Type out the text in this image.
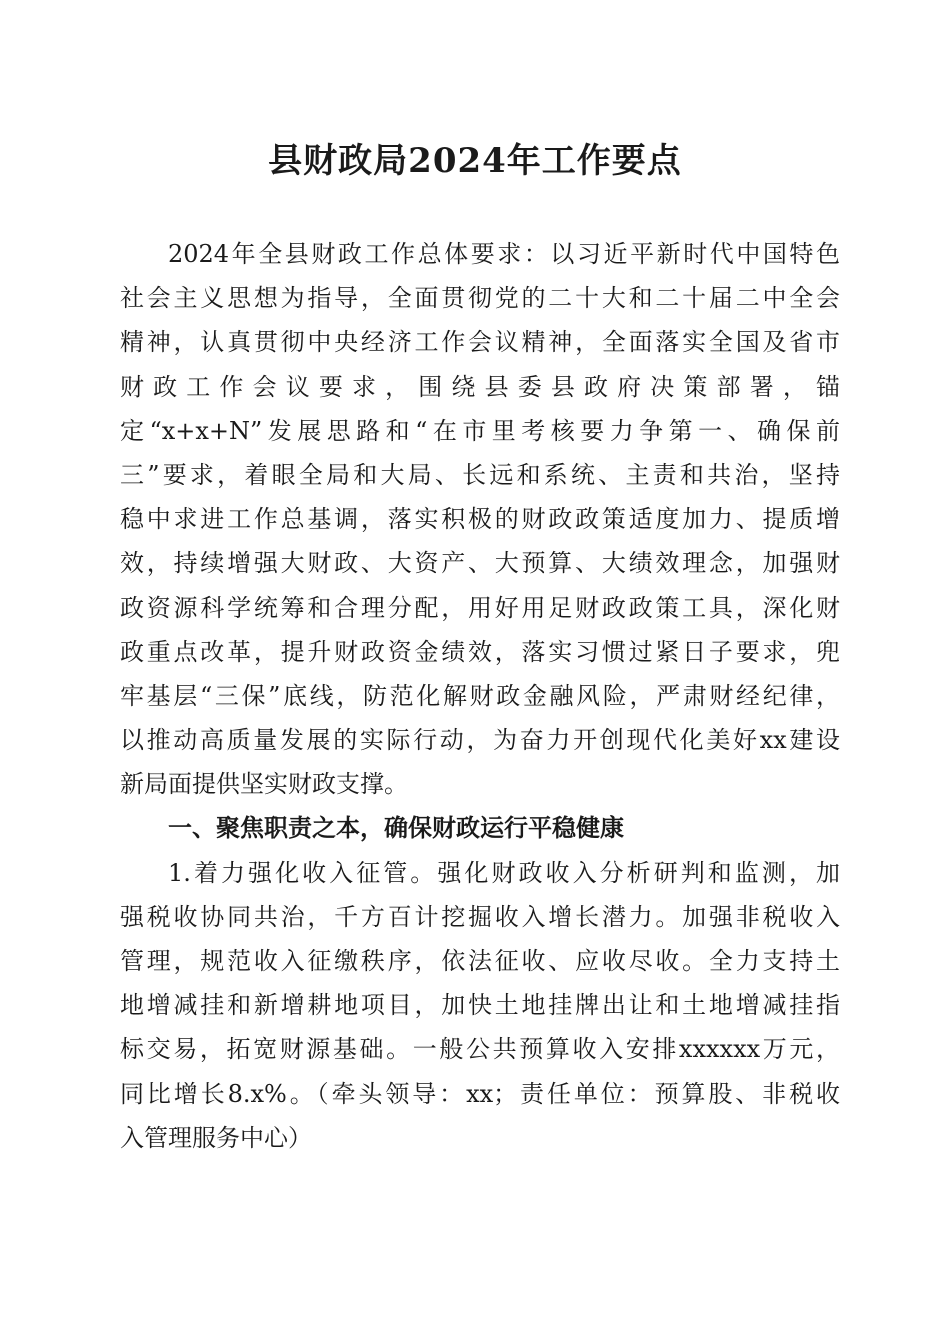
县财政局2024年工作要点
2024年全县财政工作总体要求：以习近平新时代中国特色
社会主义思想为指导，全面贯彻党的二十大和二十届二中全会
精神，认真贯彻中央经济工作会议精神，全面落实全国及省市
财政工作会议要求，围绕县委县政府决策部署，锚
定“x+x+N”发展思路和“在市里考核要力争第一、确保前
三”要求，着眼全局和大局、长远和系统、主责和共治，坚持
稳中求进工作总基调，落实积极的财政政策适度加力、提质增
效，持续增强大财政、大资产、大预算、大绩效理念，加强财
政资源科学统筹和合理分配，用好用足财政政策工具，深化财
政重点改革，提升财政资金绩效，落实习惯过紧日子要求，兜
牢基层“三保”底线，防范化解财政金融风险，严肃财经纪律，
以推动高质量发展的实际行动，为奋力开创现代化美好xx建设
新局面提供坚实财政支撑。
一、聚焦职责之本，确保财政运行平稳健康
1.着力强化收入征管。强化财政收入分析研判和监测，加
强税收协同共治，千方百计挖掘收入增长潜力。加强非税收入
管理，规范收入征缴秩序，依法征收、应收尽收。全力支持土
地增减挂和新增耕地项目，加快土地挂牌出让和土地增减挂指
标交易，拓宽财源基础。一般公共预算收入安排xxxxxx万元，
同比增长8.x%。（牵头领导：xx；责任单位：预算股、非税收
入管理服务中心）
